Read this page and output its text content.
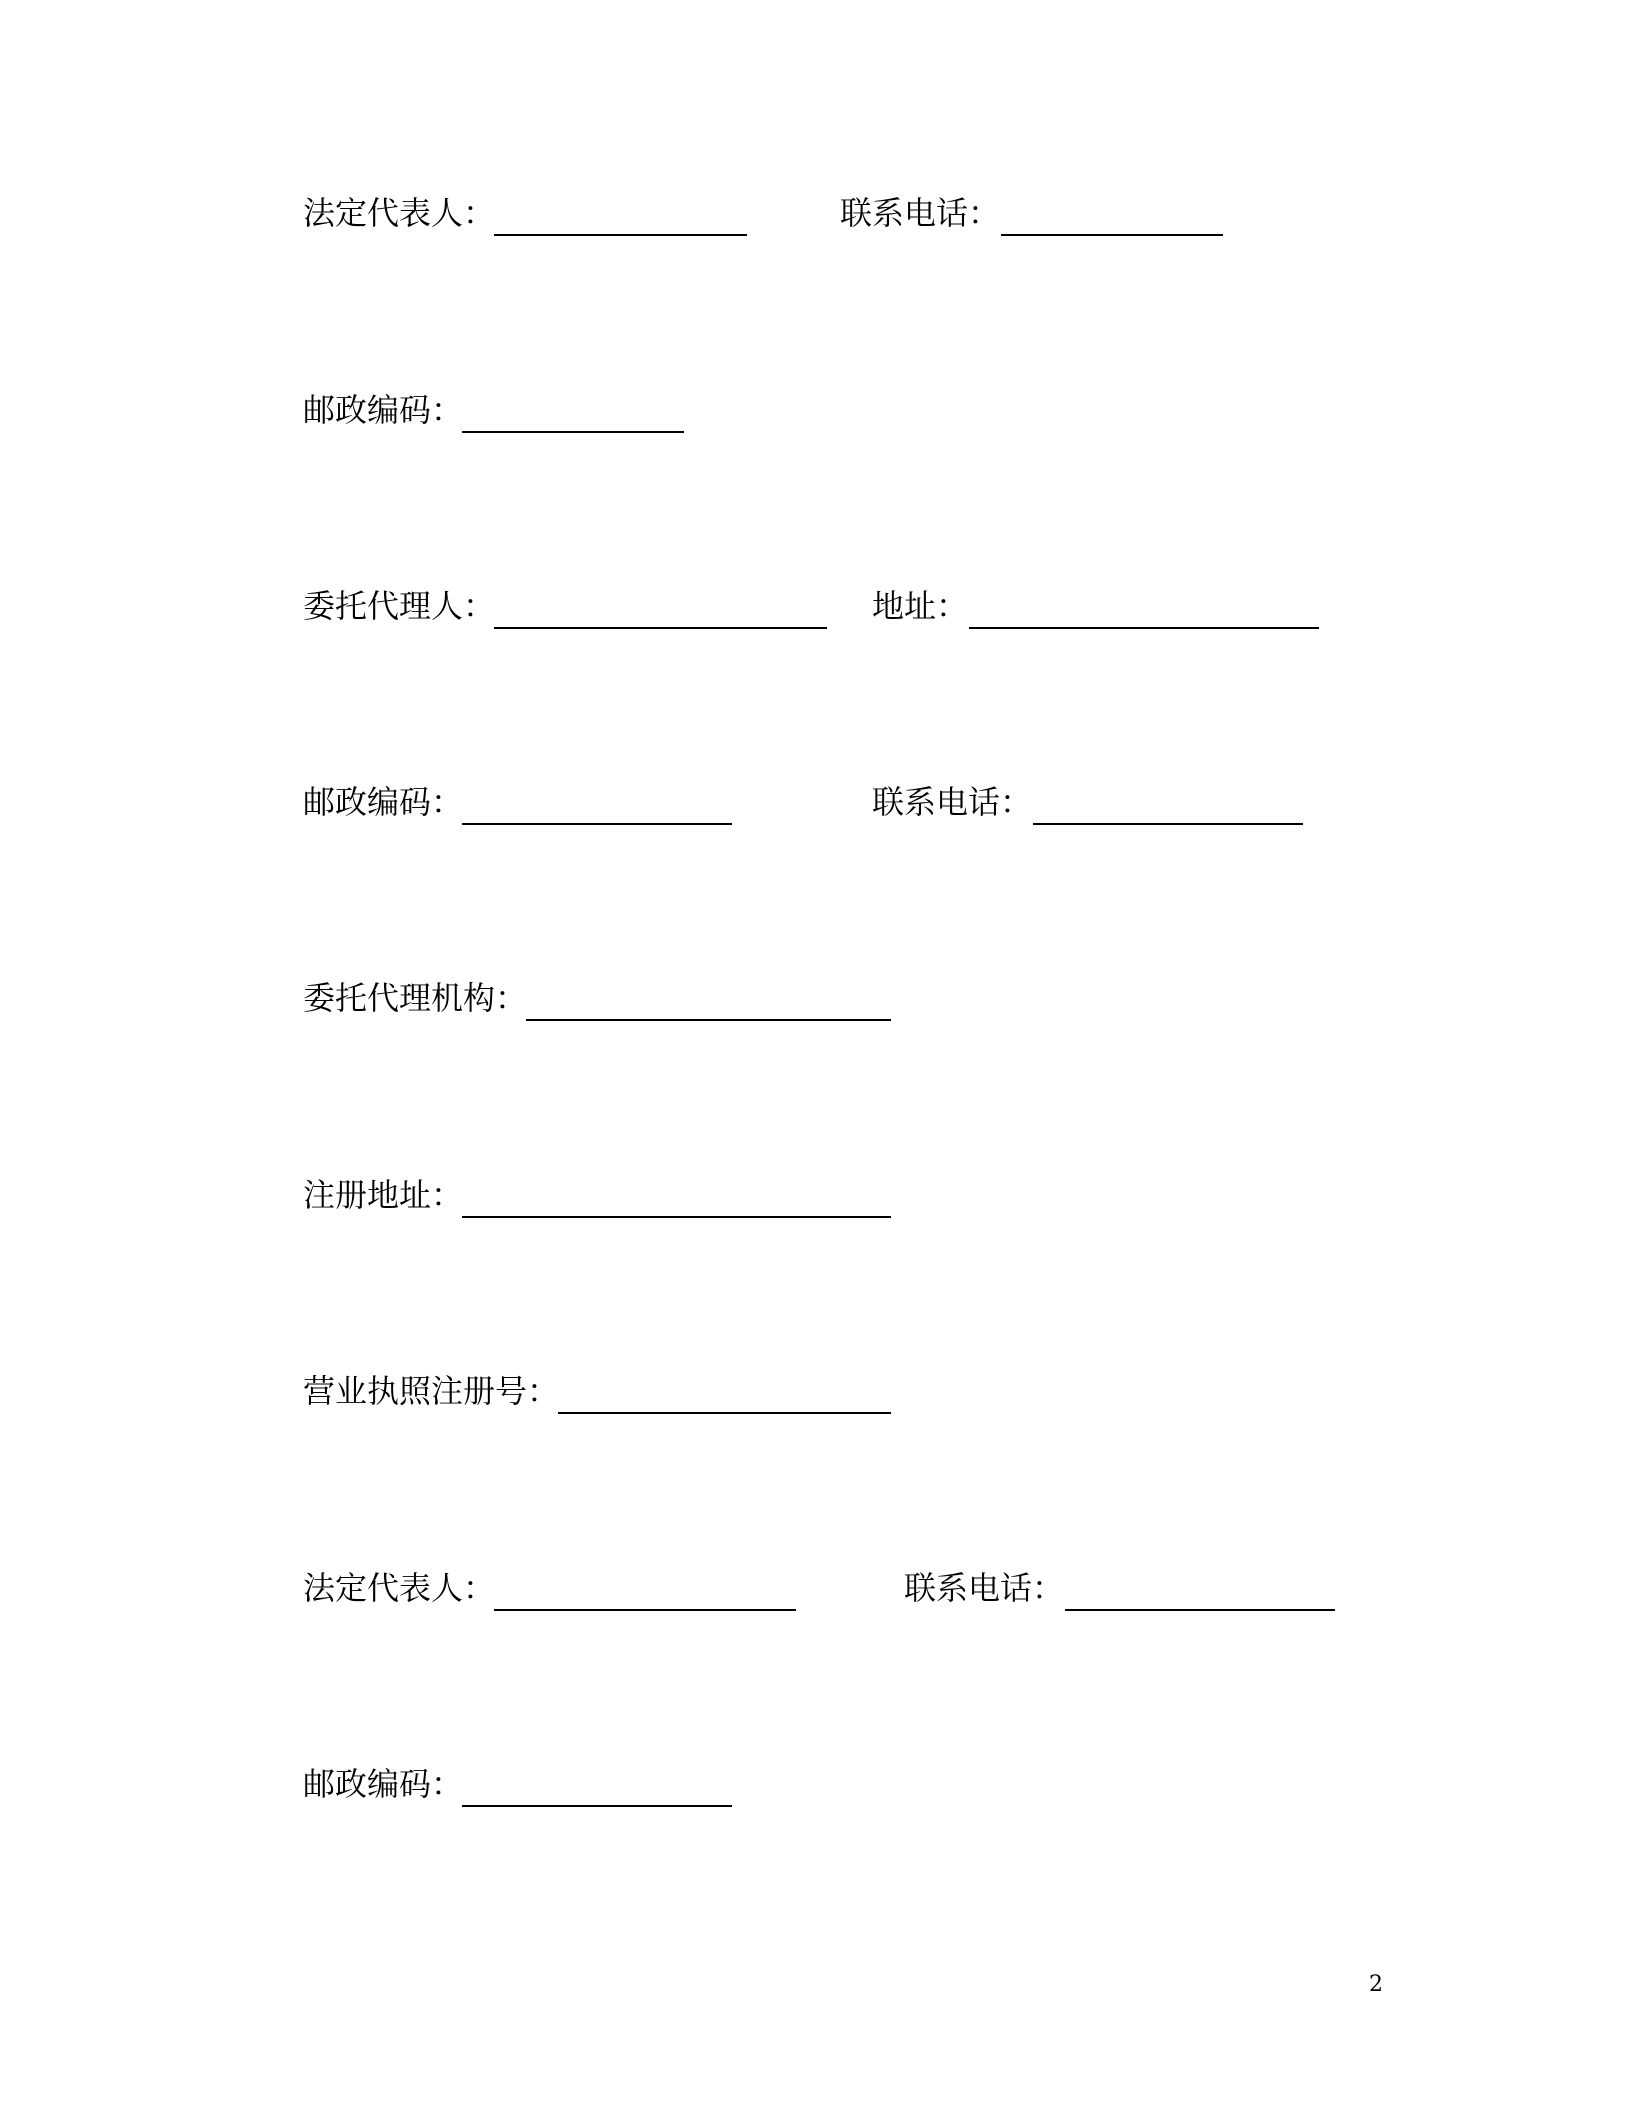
法定代表人：	联系电话：
邮政编码：
委托代理人：	地址：
邮政编码：	联系电话：
委托代理机构：
注册地址：
营业执照注册号：
法定代表人：	联系电话：
邮政编码：
2
